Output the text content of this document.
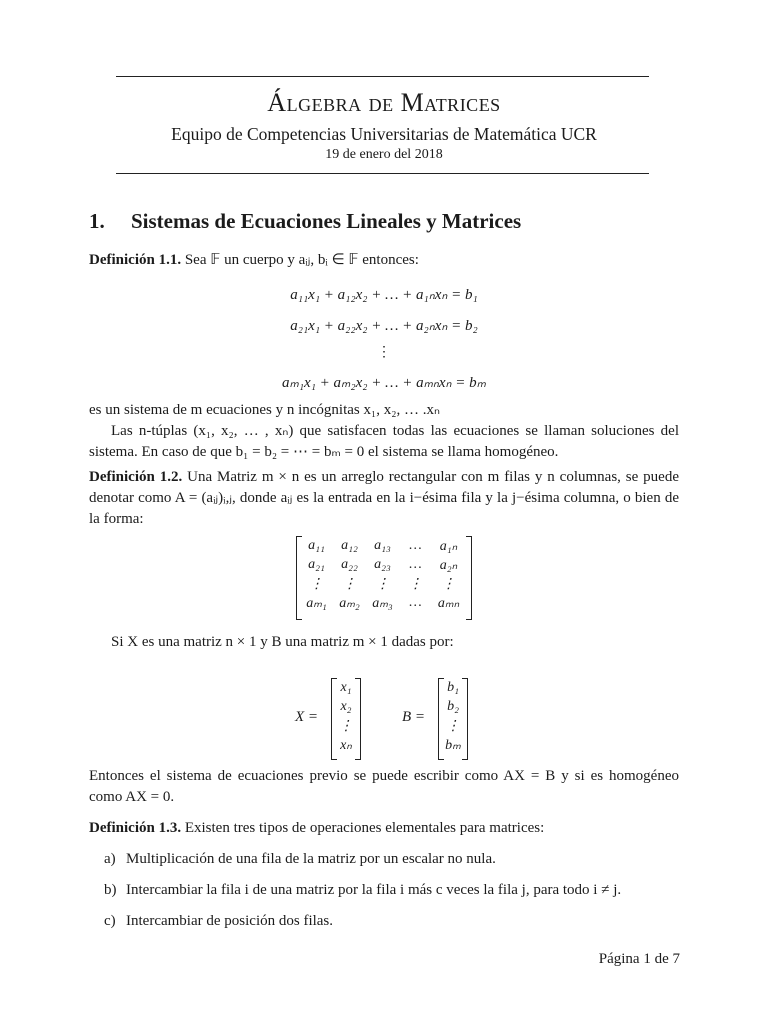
Álgebra de Matrices
Equipo de Competencias Universitarias de Matemática UCR
19 de enero del 2018
1. Sistemas de Ecuaciones Lineales y Matrices
Definición 1.1. Sea 𝔽 un cuerpo y aᵢⱼ, bᵢ ∈ 𝔽 entonces:
a₁₁x₁ + a₁₂x₂ + … + a₁ₙxₙ = b₁
a₂₁x₁ + a₂₂x₂ + … + a₂ₙxₙ = b₂
⋮
aₘ₁x₁ + aₘ₂x₂ + … + aₘₙxₙ = bₘ
es un sistema de m ecuaciones y n incógnitas x₁, x₂, … .xₙ
Las n-túplas (x₁, x₂, … , xₙ) que satisfacen todas las ecuaciones se llaman soluciones del sistema. En caso de que b₁ = b₂ = ⋯ = bₘ = 0 el sistema se llama homogéneo.
Definición 1.2. Una Matriz m × n es un arreglo rectangular con m filas y n columnas, se puede denotar como A = (aᵢⱼ)ᵢ,ⱼ, donde aᵢⱼ es la entrada en la i−ésima fila y la j−ésima columna, o bien de la forma:
a₁₁	a₁₂	a₁₃	…	a₁ₙ
a₂₁	a₂₂	a₂₃	…	a₂ₙ
⋮	⋮	⋮	⋮	⋮
aₘ₁ aₘ₂ aₘ₃	…	aₘₙ
Si X es una matriz n × 1 y B una matriz m × 1 dadas por:
X =
x₁
x₂
⋮
xₙ
B =
b₁
b₂
⋮
bₘ
Entonces el sistema de ecuaciones previo se puede escribir como AX = B y si es homogéneo como AX = 0.
Definición 1.3. Existen tres tipos de operaciones elementales para matrices:
a) Multiplicación de una fila de la matriz por un escalar no nula.
b) Intercambiar la fila i de una matriz por la fila i más c veces la fila j, para todo i ≠ j.
c) Intercambiar de posición dos filas.
Página 1 de 7
